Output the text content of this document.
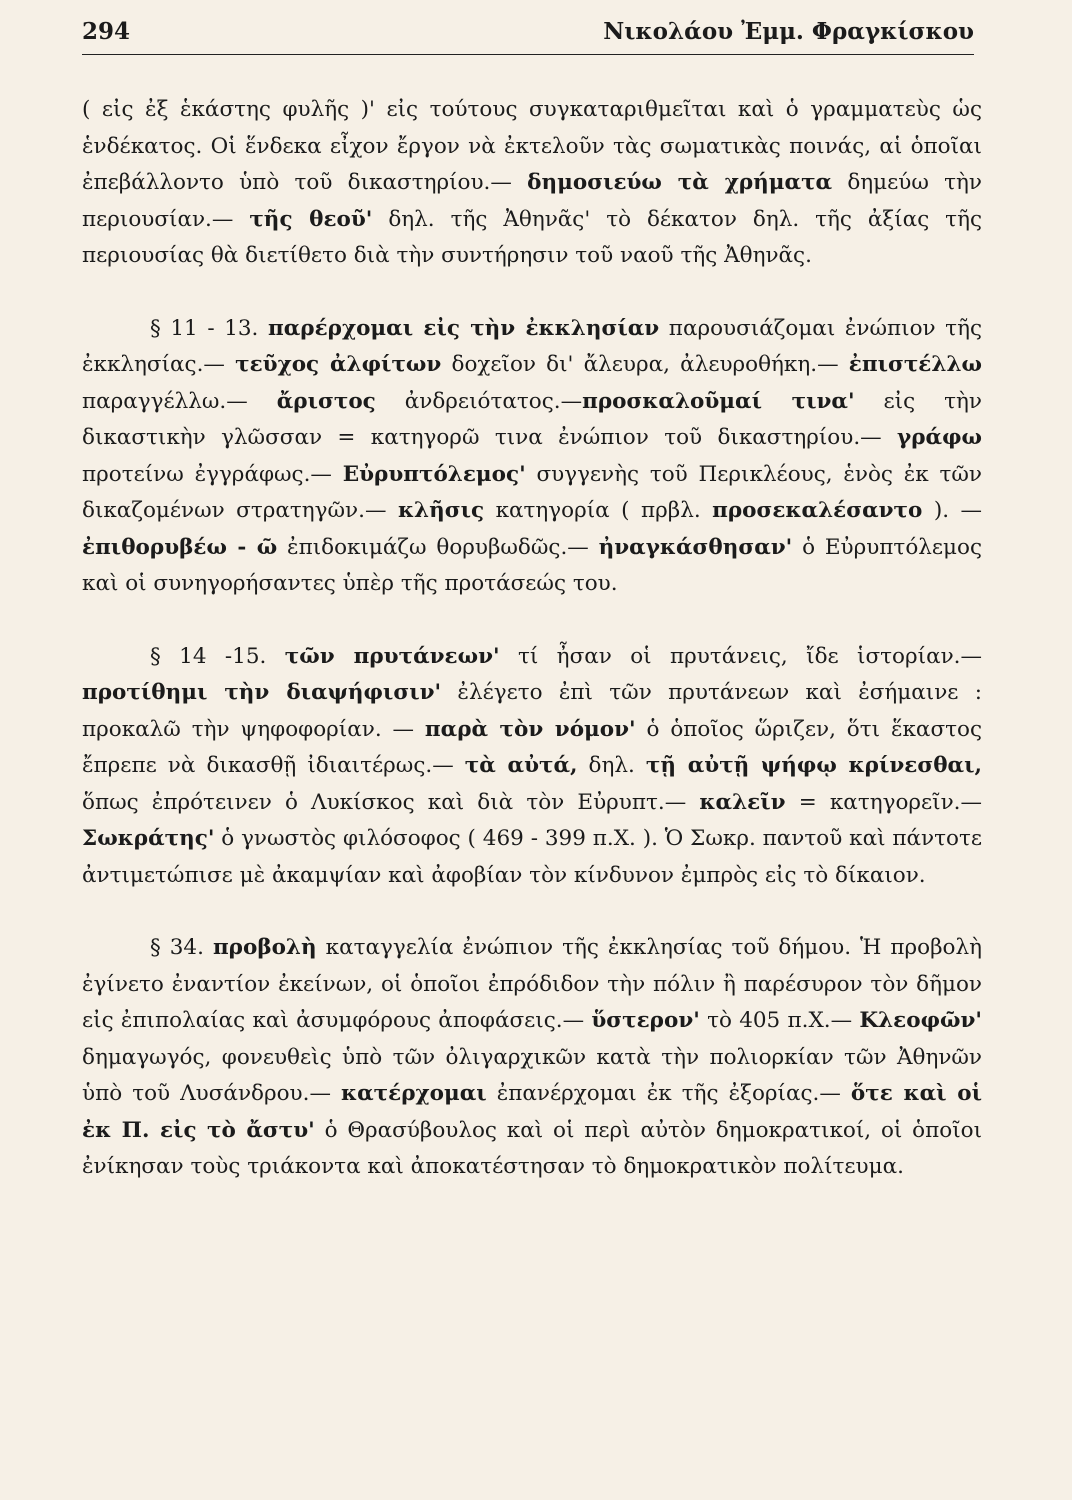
294	Νικολάου Ἐμμ. Φραγκίσκου

( εἰς ἐξ ἑκάστης φυλῆς )' εἰς τούτους συγκαταριθμεῖται καὶ ὁ γραμματεὺς ὡς ἑνδέκατος. Οἱ ἕνδεκα εἶχον ἔργον νὰ ἐκτελοῦν τὰς σωματικὰς ποινάς, αἱ ὁποῖαι ἐπεβάλλοντο ὑπὸ τοῦ δικαστηρίου.— δημοσιεύω τὰ χρήματα δημεύω τὴν περιουσίαν.— τῆς θεοῦ' δηλ. τῆς Ἀθηνᾶς' τὸ δέκατον δηλ. τῆς ἀξίας τῆς περιουσίας θὰ διετίθετο διὰ τὴν συντήρησιν τοῦ ναοῦ τῆς Ἀθηνᾶς.

§ 11 - 13. παρέρχομαι εἰς τὴν ἐκκλησίαν παρουσιάζομαι ἐνώπιον τῆς ἐκκλησίας.— τεῦχος ἀλφίτων δοχεῖον δι' ἄλευρα, ἀλευροθήκη.— ἐπιστέλλω παραγγέλλω.— ἄριστος ἀνδρειότατος.—προσκαλοῦμαί τινα' εἰς τὴν δικαστικὴν γλῶσσαν = κατηγορῶ τινα ἐνώπιον τοῦ δικαστηρίου.— γράφω προτείνω ἐγγράφως.— Εὐρυπτόλεμος' συγγενὴς τοῦ Περικλέους, ἑνὸς ἐκ τῶν δικαζομένων στρατηγῶν.— κλῆσις κατηγορία ( πρβλ. προσεκαλέσαντο ). — ἐπιθορυβέω - ῶ ἐπιδοκιμάζω θορυβωδῶς.— ἠναγκάσθησαν' ὁ Εὐρυπτόλεμος καὶ οἱ συνηγορήσαντες ὑπὲρ τῆς προτάσεώς του.

§ 14 -15. τῶν πρυτάνεων' τί ἦσαν οἱ πρυτάνεις, ἴδε ἱστορίαν.— προτίθημι τὴν διαψήφισιν' ἐλέγετο ἐπὶ τῶν πρυτάνεων καὶ ἐσήμαινε : προκαλῶ τὴν ψηφοφορίαν. — παρὰ τὸν νόμον' ὁ ὁποῖος ὥριζεν, ὅτι ἕκαστος ἔπρεπε νὰ δικασθῇ ἰδιαιτέρως.— τὰ αὐτά, δηλ. τῇ αὐτῇ ψήφῳ κρίνεσθαι, ὅπως ἐπρότεινεν ὁ Λυκίσκος καὶ διὰ τὸν Εὐρυπτ.— καλεῖν = κατηγορεῖν.— Σωκράτης' ὁ γνωστὸς φιλόσοφος ( 469 - 399 π.Χ. ). Ὁ Σωκρ. παντοῦ καὶ πάντοτε ἀντιμετώπισε μὲ ἀκαμψίαν καὶ ἀφοβίαν τὸν κίνδυνον ἐμπρὸς εἰς τὸ δίκαιον.

§ 34. προβολὴ καταγγελία ἐνώπιον τῆς ἐκκλησίας τοῦ δήμου. Ἡ προβολὴ ἐγίνετο ἐναντίον ἐκείνων, οἱ ὁποῖοι ἐπρόδιδον τὴν πόλιν ἢ παρέσυρον τὸν δῆμον εἰς ἐπιπολαίας καὶ ἀσυμφόρους ἀποφάσεις.— ὕστερον' τὸ 405 π.Χ.— Κλεοφῶν' δημαγωγός, φονευθεὶς ὑπὸ τῶν ὀλιγαρχικῶν κατὰ τὴν πολιορκίαν τῶν Ἀθηνῶν ὑπὸ τοῦ Λυσάνδρου.— κατέρχομαι ἐπανέρχομαι ἐκ τῆς ἐξορίας.— ὅτε καὶ οἱ ἐκ Π. εἰς τὸ ἄστυ' ὁ Θρασύβουλος καὶ οἱ περὶ αὐτὸν δημοκρατικοί, οἱ ὁποῖοι ἐνίκησαν τοὺς τριάκοντα καὶ ἀποκατέστησαν τὸ δημοκρατικὸν πολίτευμα.
